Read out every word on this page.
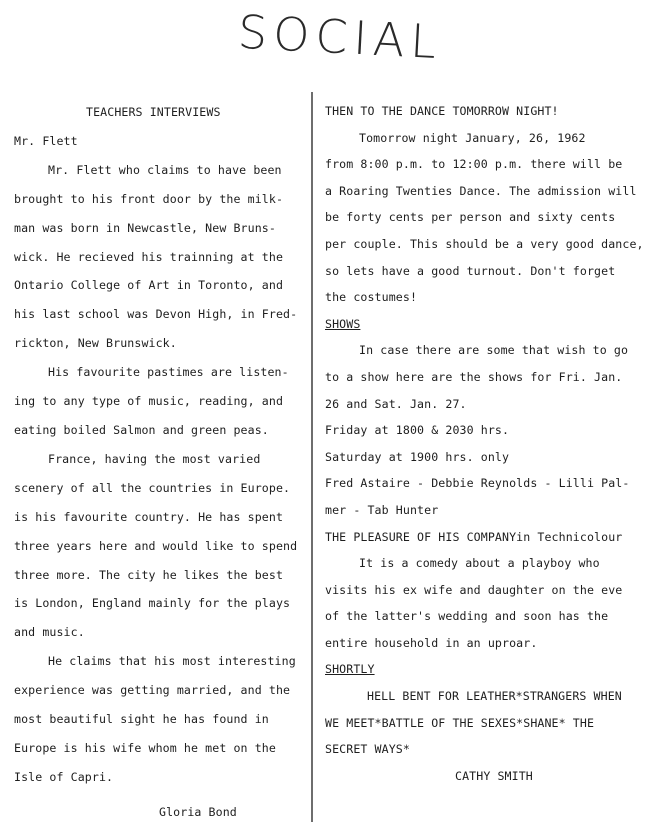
SOCIAL

TEACHERS INTERVIEWS

Mr. Flett

Mr. Flett who claims to have been

brought to his front door by the milk-

man was born in Newcastle, New Bruns-

wick. He recieved his trainning at the

Ontario College of Art in Toronto, and

his last school was Devon High, in Fred-

rickton, New Brunswick.

His favourite pastimes are listen-

ing to any type of music, reading, and

eating boiled Salmon and green peas.

France, having the most varied

scenery of all the countries in Europe.

is his favourite country. He has spent

three years here and would like to spend

three more. The city he likes the best

is London, England mainly for the plays

and music.

He claims that his most interesting

experience was getting married, and the

most beautiful sight he has found in

Europe is his wife whom he met on the

Isle of Capri.

Gloria Bond

THEN TO THE DANCE TOMORROW NIGHT!

Tomorrow night January, 26, 1962

from 8:00 p.m. to 12:00 p.m. there will be

a Roaring Twenties Dance. The admission will

be forty cents per person and sixty cents

per couple. This should be a very good dance,

so lets have a good turnout. Don't forget

the costumes!

SHOWS

In case there are some that wish to go

to a show here are the shows for Fri. Jan.

26 and Sat. Jan. 27.

Friday at 1800 & 2030 hrs.

Saturday at 1900 hrs. only

Fred Astaire - Debbie Reynolds - Lilli Pal-

mer - Tab Hunter

THE PLEASURE OF HIS COMPANYin Technicolour

It is a comedy about a playboy who

visits his ex wife and daughter on the eve

of the latter's wedding and soon has the

entire household in an uproar.

SHORTLY

HELL BENT FOR LEATHER*STRANGERS WHEN

WE MEET*BATTLE OF THE SEXES*SHANE* THE

SECRET WAYS*

CATHY SMITH
